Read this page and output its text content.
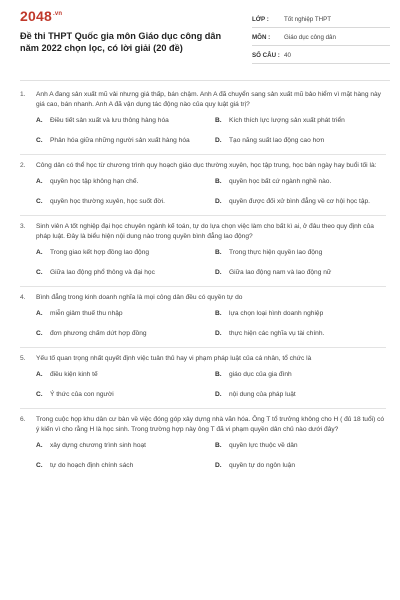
$2048^{.vn}$
Đề thi THPT Quốc gia môn Giáo dục công dân năm 2022 chọn lọc, có lời giải (20 đề)
LỚP :	Tốt nghiệp THPT
MÔN :	Giáo dục công dân
SỐ CÂU : 40
1.	Anh A đang sản xuất mũ vải nhưng giá thấp, bán chậm. Anh A đã chuyển sang sản xuất mũ bảo hiểm vì mặt hàng này giá cao, bán nhanh. Anh A đã vận dụng tác động nào của quy luật giá trị?
A.	Điều tiết sản xuất và lưu thông hàng hóa	B.	Kích thích lực lượng sản xuất phát triển
C.	Phân hóa giữa những người sản xuất hàng hóa	D.	Tạo năng suất lao động cao hơn
2.	Công dân có thể học từ chương trình quy hoạch giáo dục thường xuyên, học tập trung, học bán ngày hay buổi tối là:
A.	quyền học tập không hạn chế.	B.	quyền học bất cứ ngành nghề nào.
C.	quyền học thường xuyên, học suốt đời.	D.	quyền được đối xử bình đẳng về cơ hội học tập.
3.	Sinh viên A tốt nghiệp đại học chuyên ngành kế toán, tự do lựa chọn việc làm cho bất kì ai, ở đâu theo quy định của pháp luật. Đây là biểu hiện nội dung nào trong quyền bình đẳng lao động?
A.	Trong giao kết hợp đồng lao động	B.	Trong thực hiện quyền lao động
C.	Giữa lao động phổ thông và đại học	D.	Giữa lao động nam và lao động nữ
4.	Bình đẳng trong kinh doanh nghĩa là mọi công dân đều có quyền tự do
A.	miễn giảm thuế thu nhập	B.	lựa chọn loại hình doanh nghiệp
C.	đơn phương chấm dứt hợp đồng	D.	thực hiện các nghĩa vụ tài chính.
5.	Yếu tố quan trọng nhất quyết định việc tuân thủ hay vi phạm pháp luật của cá nhân, tổ chức là
A.	điều kiện kinh tế	B.	giáo dục của gia đình
C.	Ý thức của con người	D.	nội dung của pháp luật
6.	Trong cuộc họp khu dân cư bàn về việc đóng góp xây dựng nhà văn hóa. Ông T tổ trưởng không cho H ( đủ 18 tuổi) có ý kiến vì cho rằng H là học sinh. Trong trường hợp này ông T đã vi phạm quyền dân chủ nào dưới đây?
A.	xây dựng chương trình sinh hoạt	B.	quyền lực thuộc về dân
C.	tự do hoạch định chính sách	D.	quyền tự do ngôn luận
